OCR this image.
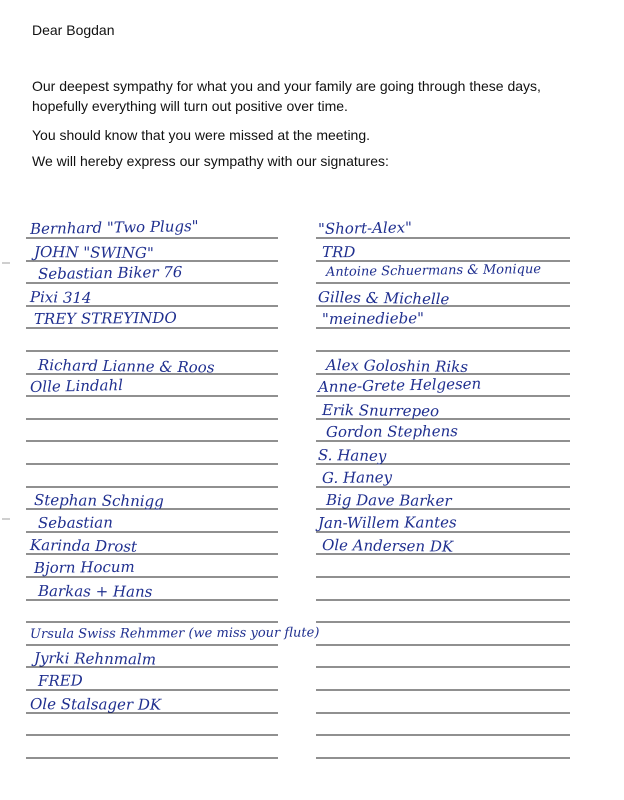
Dear Bogdan
Our deepest sympathy for what you and your family are going through these days, hopefully everything will turn out positive over time.
You should know that you were missed at the meeting.
We will hereby express our sympathy with our signatures:
Bernhard "Two Plugs"
JOHN "SWING"
Sebastian Biker 76
Pixi 314
TREY STREYINDO
Richard Lianne & Roos
Olle Lindahl
Stephan Schnigg
Sebastian
Karinda Drost
Bjorn Hocum
Barkas + Hans
Ursula Swiss Rehmmer (we miss your flute)
Jyrki Rehnmalm
FRED
Ole Stalsager DK
"Short-Alex"
TRD
Antoine Schuermans & Monique
Gilles & Michelle
"meinediebe"
Alex Goloshin Riks
Anne-Grete Helgesen
Erik Snurrepeo
Gordon Stephens
S. Haney
G. Haney
Big Dave Barker
Jan-Willem Kantes
Ole Andersen DK
